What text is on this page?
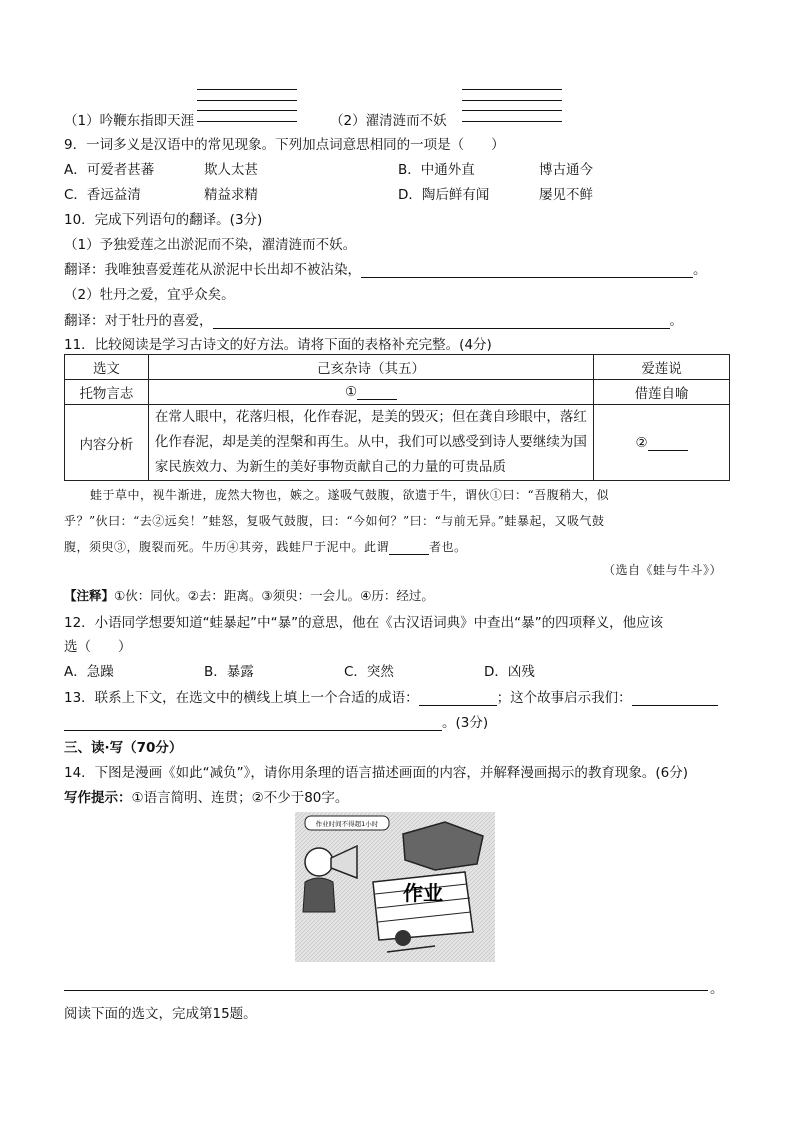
（1）吟鞭东指即天涯	（2）濯清涟而不妖
9．一词多义是汉语中的常见现象。下列加点词意思相同的一项是（　　）
A．可爱者甚蕃	欺人太甚	B．中通外直	博古通今
C．香远益清	精益求精	D．陶后鲜有闻	屡见不鲜
10．完成下列语句的翻译。(3分)
（1）予独爱莲之出淤泥而不染，濯清涟而不妖。
翻译：我唯独喜爱莲花从淤泥中长出却不被沾染，	。
（2）牡丹之爱，宜乎众矣。
翻译：对于牡丹的喜爱，	。
11．比较阅读是学习古诗文的好方法。请将下面的表格补充完整。(4分)
选文	己亥杂诗（其五）	爱莲说
托物言志	①	借莲自喻
内容分析	在常人眼中，花落归根，化作春泥，是美的毁灭；但在龚自珍眼中，落红化作春泥，却是美的涅槃和再生。从中，我们可以感受到诗人要继续为国家民族效力、为新生的美好事物贡献自己的力量的可贵品质	②
蛙于草中，视牛渐进，庞然大物也，嫉之。遂吸气鼓腹，欲遗于牛，谓伙①曰：“吾腹稍大，似
乎？”伙曰：“去②远矣！”蛙怒，复吸气鼓腹，曰：“今如何？”曰：“与前无异。”蛙暴起，又吸气鼓
腹，须臾③，腹裂而死。牛历④其旁，践蛙尸于泥中。此谓	者也。
（选自《蛙与牛斗》）
【注释】①伙：同伙。②去：距离。③须臾：一会儿。④历：经过。
12．小语同学想要知道“蛙暴起”中“暴”的意思，他在《古汉语词典》中查出“暴”的四项释义，他应该
选（　　）
A．急躁	B．暴露	C．突然	D．凶残
13．联系上下文，在选文中的横线上填上一个合适的成语：	；这个故事启示我们：
。(3分)
三、读·写（70分）
14．下图是漫画《如此“减负”》，请你用条理的语言描述画面的内容，并解释漫画揭示的教育现象。(6分)
写作提示：①语言简明、连贯；②不少于80字。
作业时间不得超1小时
作业
。
阅读下面的选文，完成第15题。
